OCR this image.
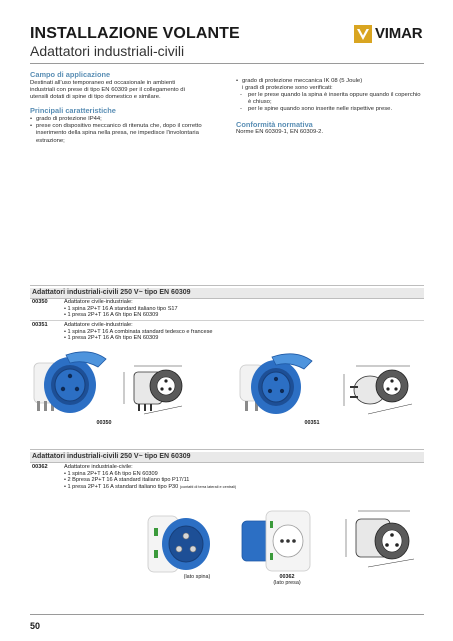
INSTALLAZIONE VOLANTE
Adattatori industriali-civili
VIMAR
Campo di applicazione
Destinati all'uso temporaneo ed occasionale in ambienti
industriali con prese di tipo EN 60309 per il collegamento di
utensili dotati di spine di tipo domestico e similare.
Principali caratteristiche
• grado di protezione IP44;
• prese con dispositivo meccanico di ritenuta che, dopo il corretto inserimento della spina nella presa, ne impedisce l'involontaria estrazione;
• grado di protezione meccanica IK 08 (5 Joule)
i gradi di protezione sono verificati:
- per le prese quando la spina è inserita oppure quando il coperchio è chiuso;
- per le spine quando sono inserite nelle rispettive prese.
Conformità normativa
Norme EN 60309-1, EN 60309-2.
Adattatori industriali-civili 250 V~ tipo EN 60309
00350	Adattatore civile-industriale:
• 1 spina 2P+T 16 A standard italiano tipo S17
• 1 presa 2P+T 16 A 6h tipo EN 60309
00351	Adattatore civile-industriale:
• 1 spina 2P+T 16 A combinata standard tedesco e francese
• 1 presa 2P+T 16 A 6h tipo EN 60309
00350	00351
Adattatori industriali-civili 250 V~ tipo EN 60309
00362	Adattatore industriale-civile:
• 1 spina 2P+T 16 A 6h tipo EN 60309
• 2 Bpresa 2P+T 16 A standard italiano tipo P17/11
• 1 presa 2P+T 16 A standard italiano tipo P30 (contatti di terra laterali e centrali)
(lato spina)	00362
(lato presa)
50
